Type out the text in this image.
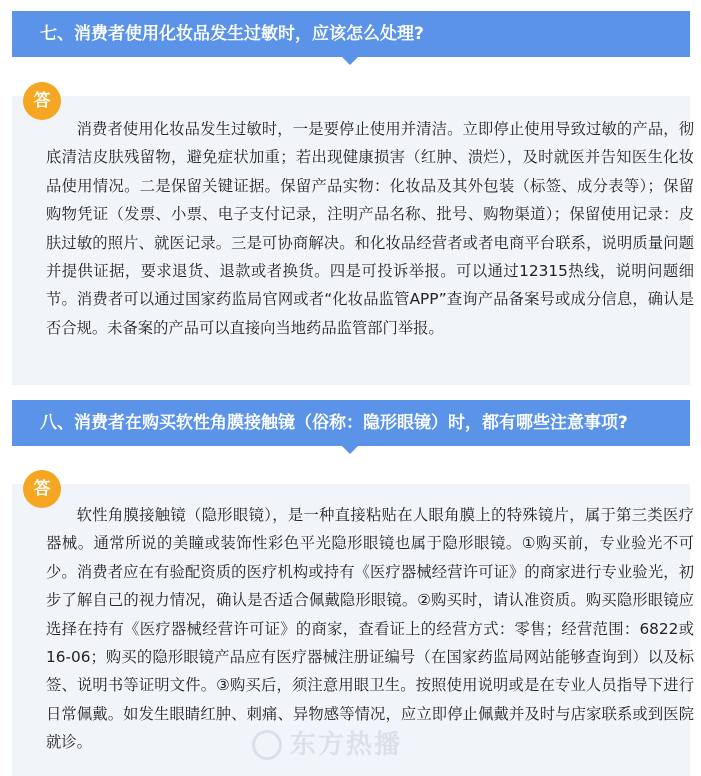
七、消费者使用化妆品发生过敏时，应该怎么处理?
答

消费者使用化妆品发生过敏时，一是要停止使用并清洁。立即停止使用导致过敏的产品，彻底清洁皮肤残留物，避免症状加重；若出现健康损害（红肿、溃烂），及时就医并告知医生化妆品使用情况。二是保留关键证据。保留产品实物：化妆品及其外包装（标签、成分表等）；保留购物凭证（发票、小票、电子支付记录，注明产品名称、批号、购物渠道）；保留使用记录：皮肤过敏的照片、就医记录。三是可协商解决。和化妆品经营者或者电商平台联系，说明质量问题并提供证据，要求退货、退款或者换货。四是可投诉举报。可以通过12315热线，说明问题细节。消费者可以通过国家药监局官网或者“化妆品监管APP”查询产品备案号或成分信息，确认是否合规。未备案的产品可以直接向当地药品监管部门举报。

八、消费者在购买软性角膜接触镜（俗称：隐形眼镜）时，都有哪些注意事项?
答

软性角膜接触镜（隐形眼镜），是一种直接粘贴在人眼角膜上的特殊镜片，属于第三类医疗器械。通常所说的美瞳或装饰性彩色平光隐形眼镜也属于隐形眼镜。①购买前，专业验光不可少。消费者应在有验配资质的医疗机构或持有《医疗器械经营许可证》的商家进行专业验光，初步了解自己的视力情况，确认是否适合佩戴隐形眼镜。②购买时，请认准资质。购买隐形眼镜应选择在持有《医疗器械经营许可证》的商家，查看证上的经营方式：零售；经营范围：6822或16-06；购买的隐形眼镜产品应有医疗器械注册证编号（在国家药监局网站能够查询到）以及标签、说明书等证明文件。③购买后，须注意用眼卫生。按照使用说明或是在专业人员指导下进行日常佩戴。如发生眼睛红肿、刺痛、异物感等情况，应立即停止佩戴并及时与店家联系或到医院就诊。	东方热播
